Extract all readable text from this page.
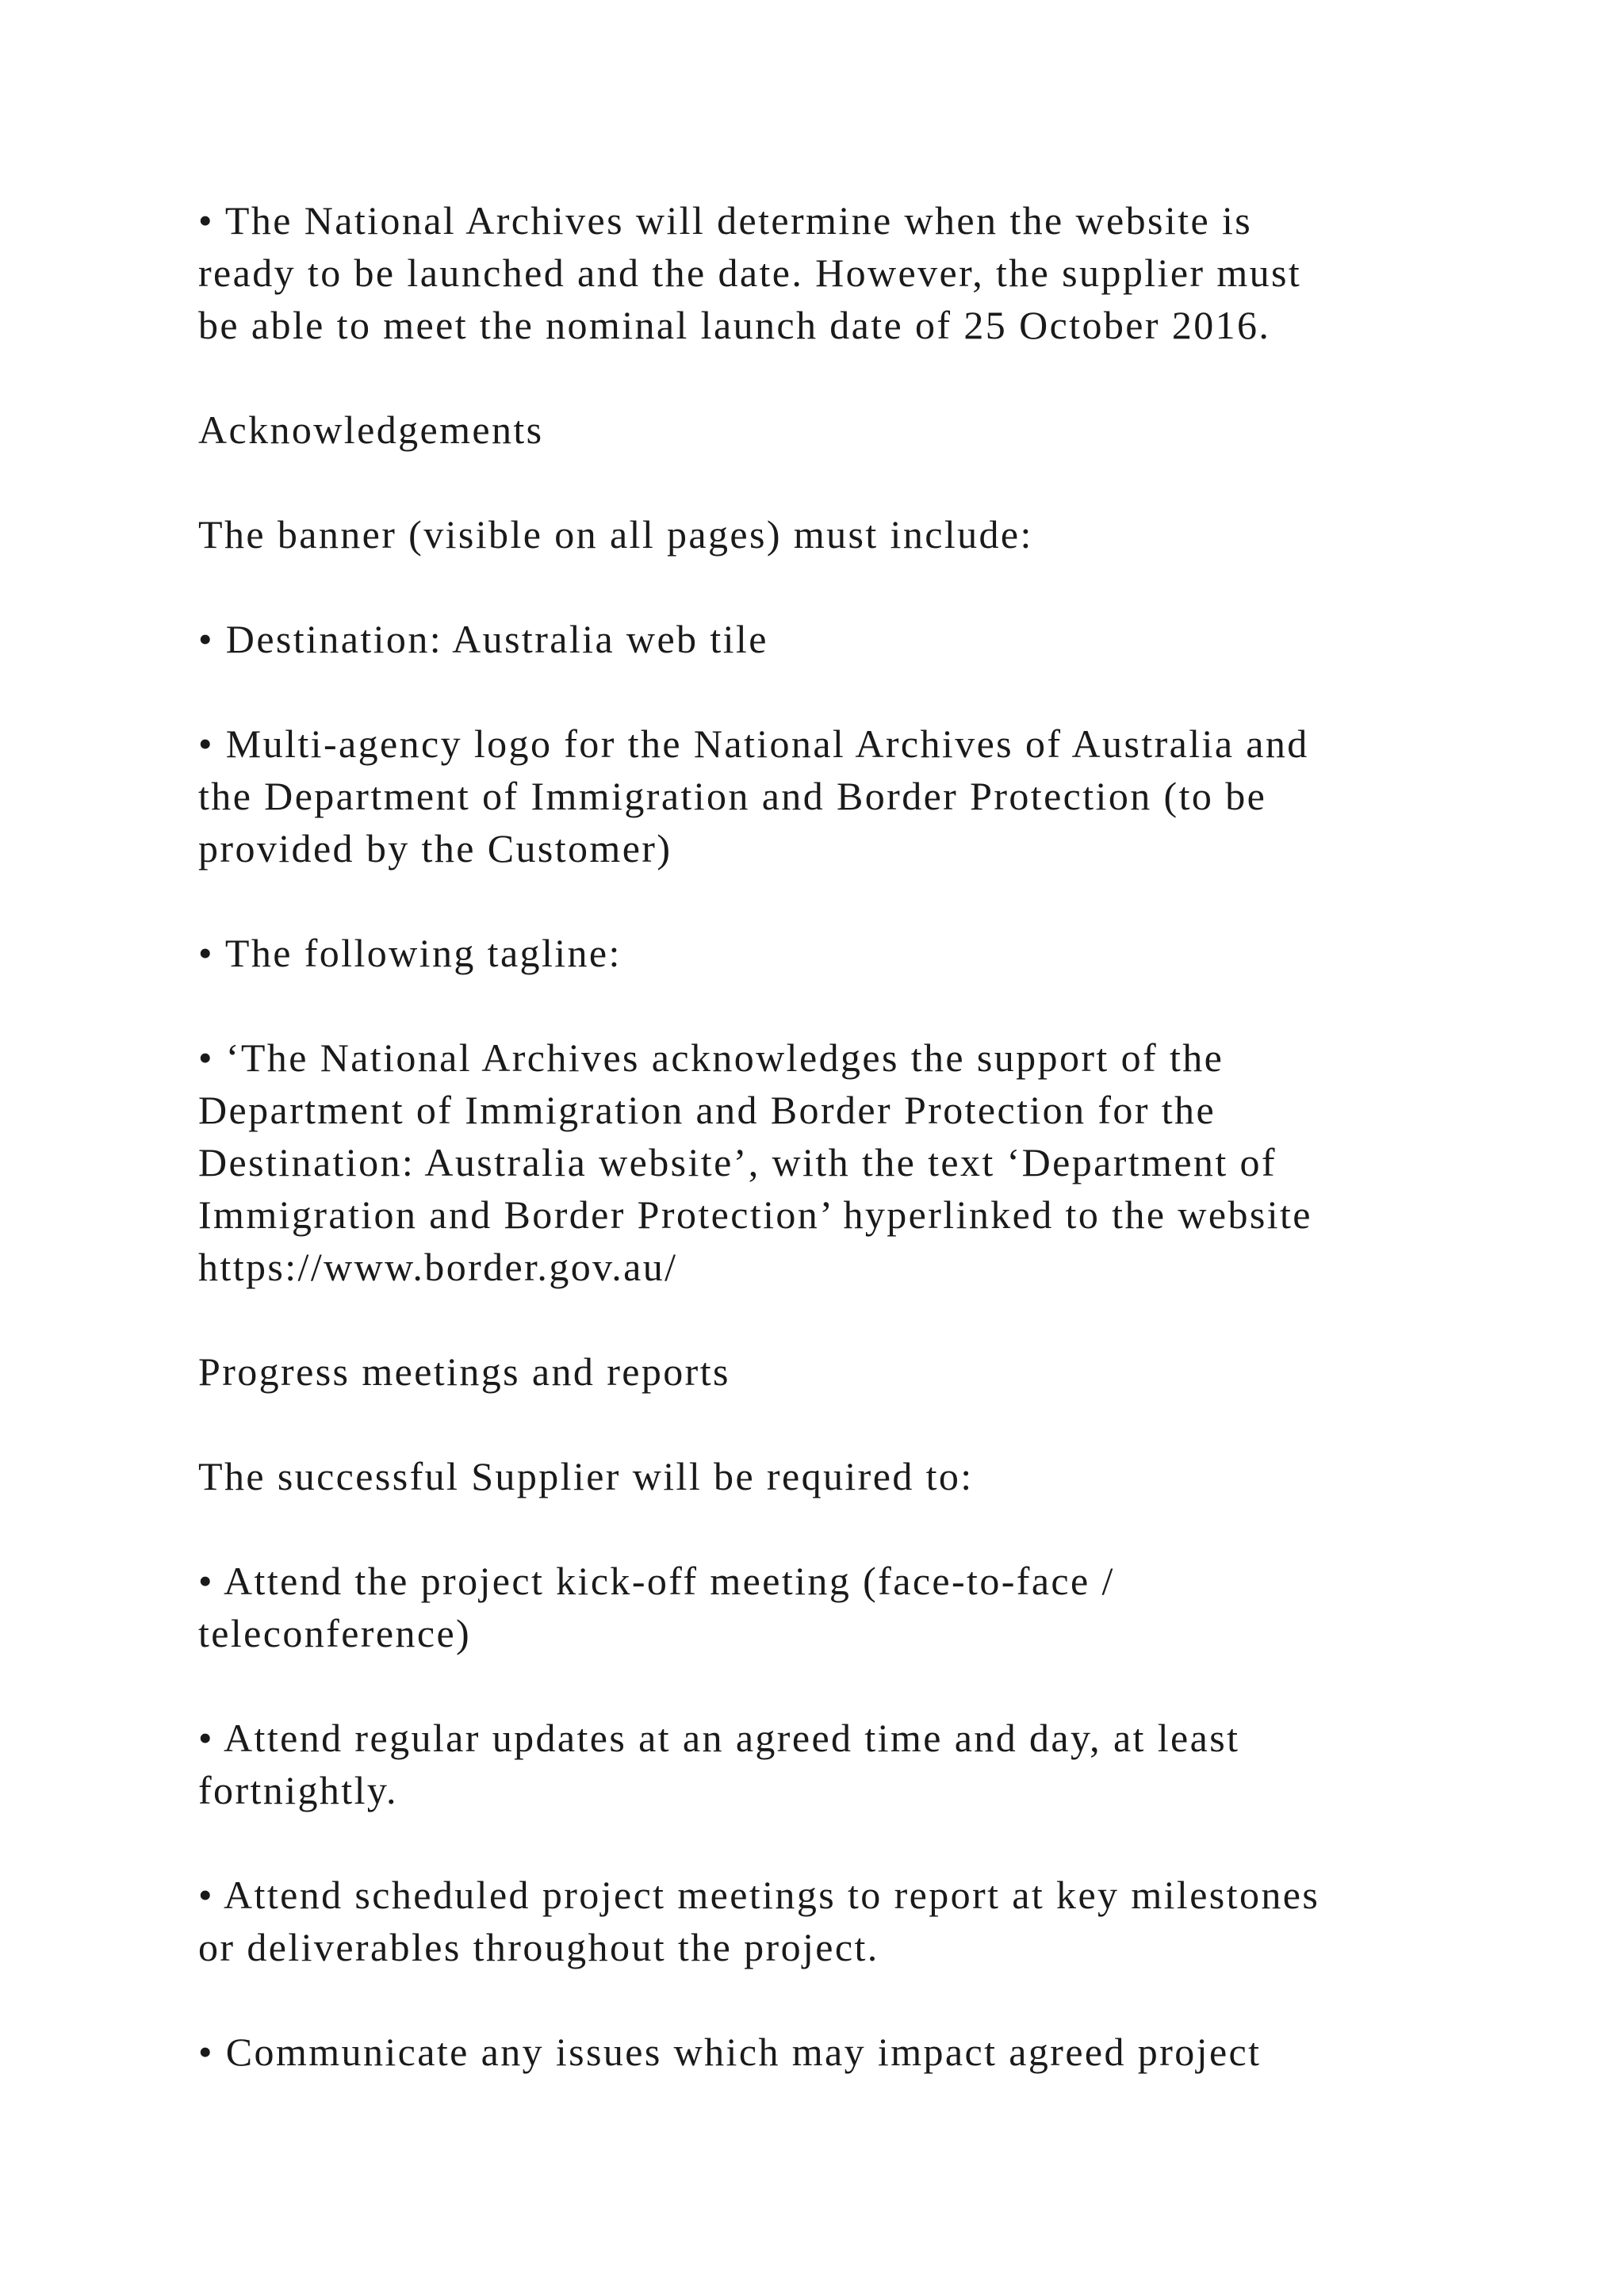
• The National Archives will determine when the website is
ready to be launched and the date. However, the supplier must
be able to meet the nominal launch date of 25 October 2016.

Acknowledgements

The banner (visible on all pages) must include:

• Destination: Australia web tile

• Multi-agency logo for the National Archives of Australia and
the Department of Immigration and Border Protection (to be
provided by the Customer)

• The following tagline:

• ‘The National Archives acknowledges the support of the
Department of Immigration and Border Protection for the
Destination: Australia website’, with the text ‘Department of
Immigration and Border Protection’ hyperlinked to the website
https://www.border.gov.au/

Progress meetings and reports

The successful Supplier will be required to:

• Attend the project kick-off meeting (face-to-face /
teleconference)

• Attend regular updates at an agreed time and day, at least
fortnightly.

• Attend scheduled project meetings to report at key milestones
or deliverables throughout the project.

• Communicate any issues which may impact agreed project
